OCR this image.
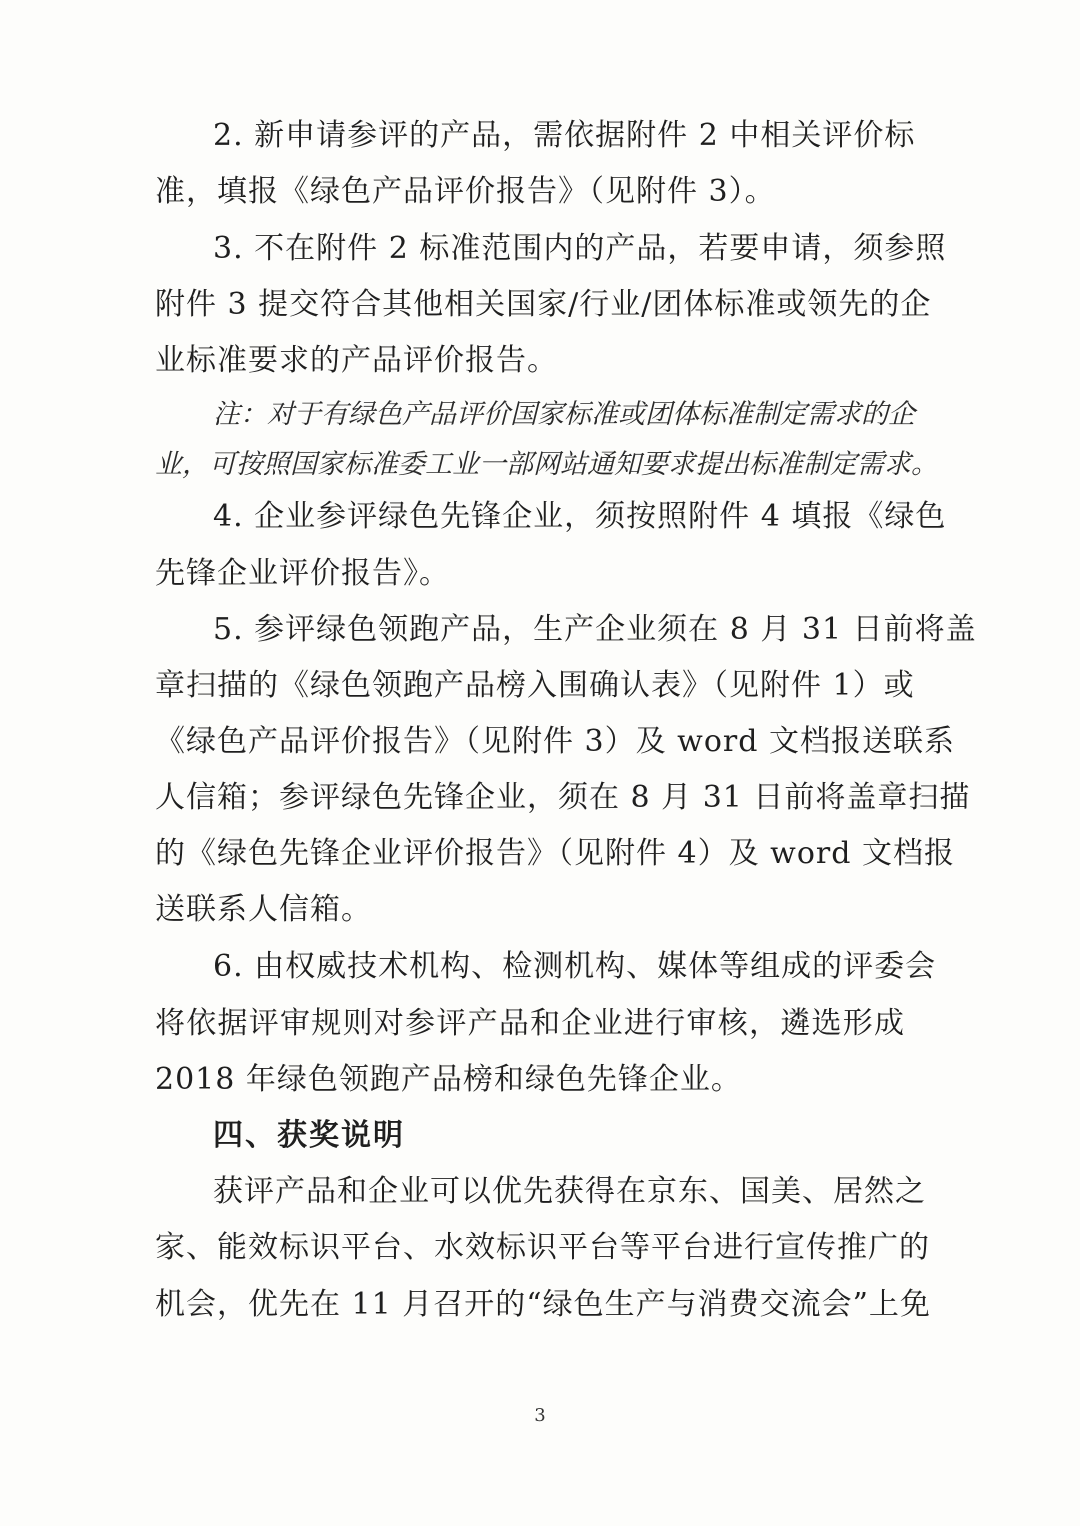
2. 新申请参评的产品，需依据附件 2 中相关评价标
准，填报《绿色产品评价报告》（见附件 3）。
3. 不在附件 2 标准范围内的产品，若要申请，须参照
附件 3 提交符合其他相关国家/行业/团体标准或领先的企
业标准要求的产品评价报告。
注：对于有绿色产品评价国家标准或团体标准制定需求的企
业，可按照国家标准委工业一部网站通知要求提出标准制定需求。
4. 企业参评绿色先锋企业，须按照附件 4 填报《绿色
先锋企业评价报告》。
5. 参评绿色领跑产品，生产企业须在 8 月 31 日前将盖
章扫描的《绿色领跑产品榜入围确认表》（见附件 1）或
《绿色产品评价报告》（见附件 3）及 word 文档报送联系
人信箱；参评绿色先锋企业，须在 8 月 31 日前将盖章扫描
的《绿色先锋企业评价报告》（见附件 4）及 word 文档报
送联系人信箱。
6. 由权威技术机构、检测机构、媒体等组成的评委会
将依据评审规则对参评产品和企业进行审核，遴选形成
2018 年绿色领跑产品榜和绿色先锋企业。
四、获奖说明
获评产品和企业可以优先获得在京东、国美、居然之
家、能效标识平台、水效标识平台等平台进行宣传推广的
机会，优先在 11 月召开的“绿色生产与消费交流会”上免
3
